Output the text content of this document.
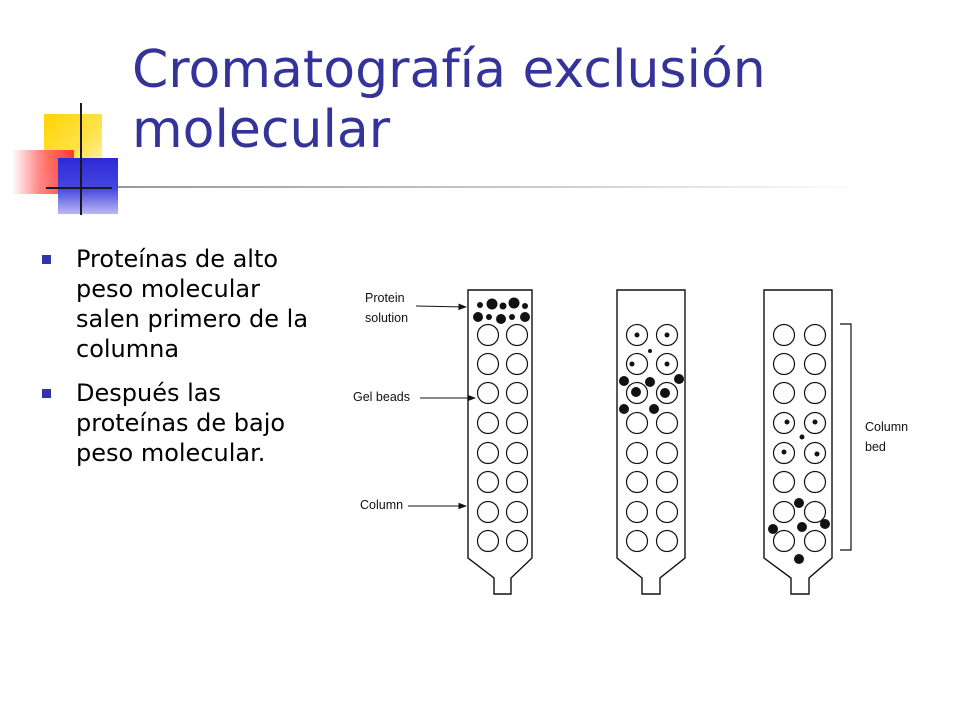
Cromatografía exclusión molecular
Proteínas de alto peso molecular salen primero de la columna
Después las proteínas de bajo peso molecular.
Protein
solution
Gel beads
Column
Column
bed
